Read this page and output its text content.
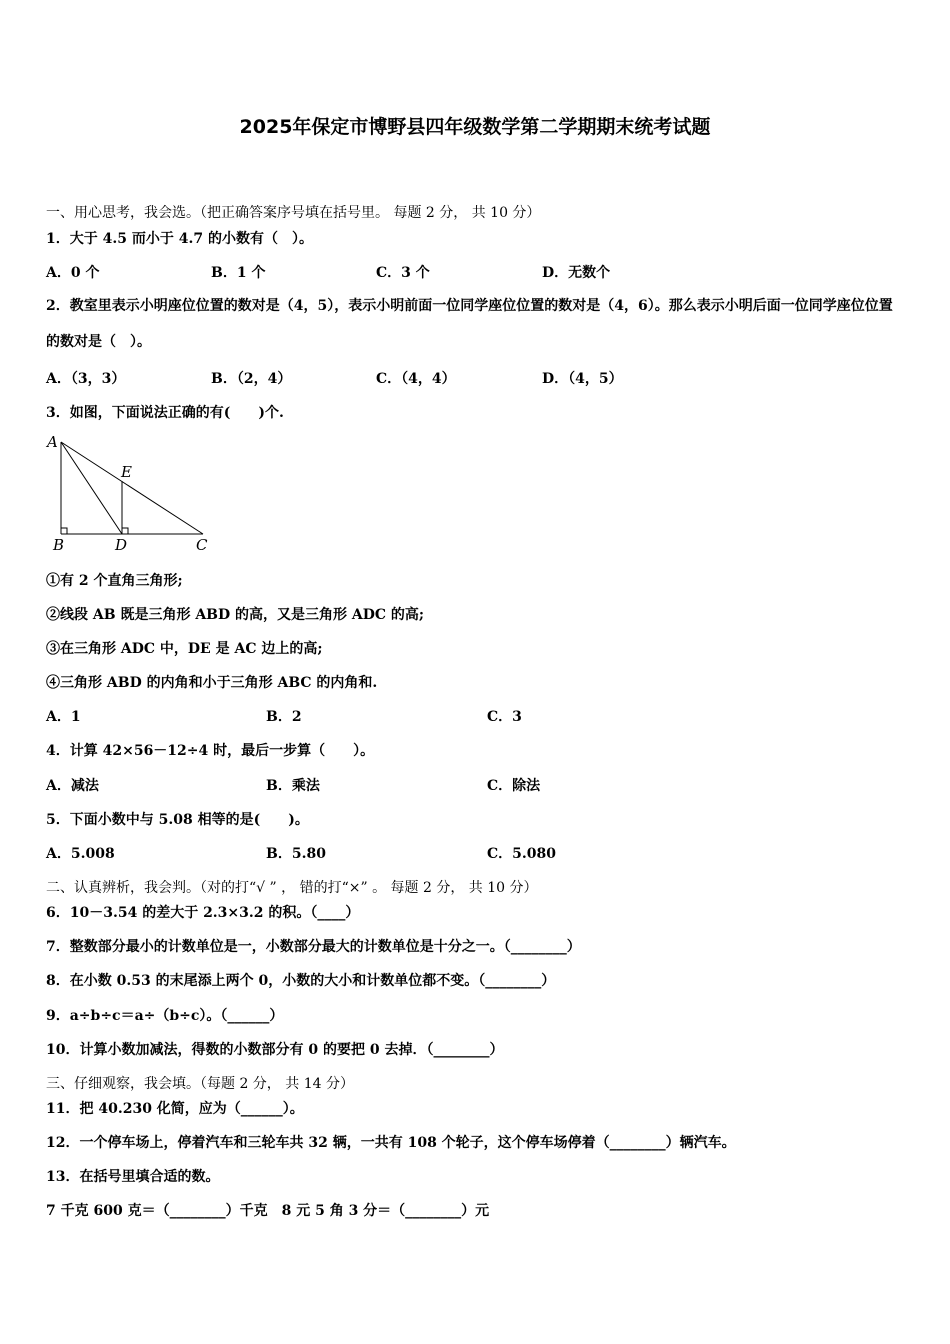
2025年保定市博野县四年级数学第二学期期末统考试题
一、用心思考，我会选。（把正确答案序号填在括号里。 每题 2 分， 共 10 分）
1．大于 4.5 而小于 4.7 的小数有（　）。
A．0 个	B．1 个	C．3 个	D．无数个
2．教室里表示小明座位位置的数对是（4，5），表示小明前面一位同学座位位置的数对是（4，6）。那么表示小明后面一位同学座位位置的数对是（　）。
A．（3，3）	B．（2，4）	C．（4，4）	D．（4，5）
3．如图，下面说法正确的有(　　)个.
A
E
B	D	C
①有 2 个直角三角形;
②线段 AB 既是三角形 ABD 的高，又是三角形 ADC 的高;
③在三角形 ADC 中，DE 是 AC 边上的高;
④三角形 ABD 的内角和小于三角形 ABC 的内角和.
A．1	B．2	C．3
4．计算 42×56－12÷4 时，最后一步算（　　）。
A．减法	B．乘法	C．除法
5．下面小数中与 5.08 相等的是(　　)。
A．5.008	B．5.80	C．5.080
二、认真辨析，我会判。（对的打“√ ” ， 错的打“×” 。 每题 2 分， 共 10 分）
6．10－3.54 的差大于 2.3×3.2 的积。（____）
7．整数部分最小的计数单位是一，小数部分最大的计数单位是十分之一。（________）
8．在小数 0.53 的末尾添上两个 0，小数的大小和计数单位都不变。（________）
9．a÷b÷c＝a÷（b÷c）。（______）
10．计算小数加减法，得数的小数部分有 0 的要把 0 去掉．（________）
三、仔细观察，我会填。（每题 2 分， 共 14 分）
11．把 40.230 化简，应为（______）。
12．一个停车场上，停着汽车和三轮车共 32 辆，一共有 108 个轮子，这个停车场停着（________）辆汽车。
13．在括号里填合适的数。
7 千克 600 克＝（________）千克　8 元 5 角 3 分＝（________）元
